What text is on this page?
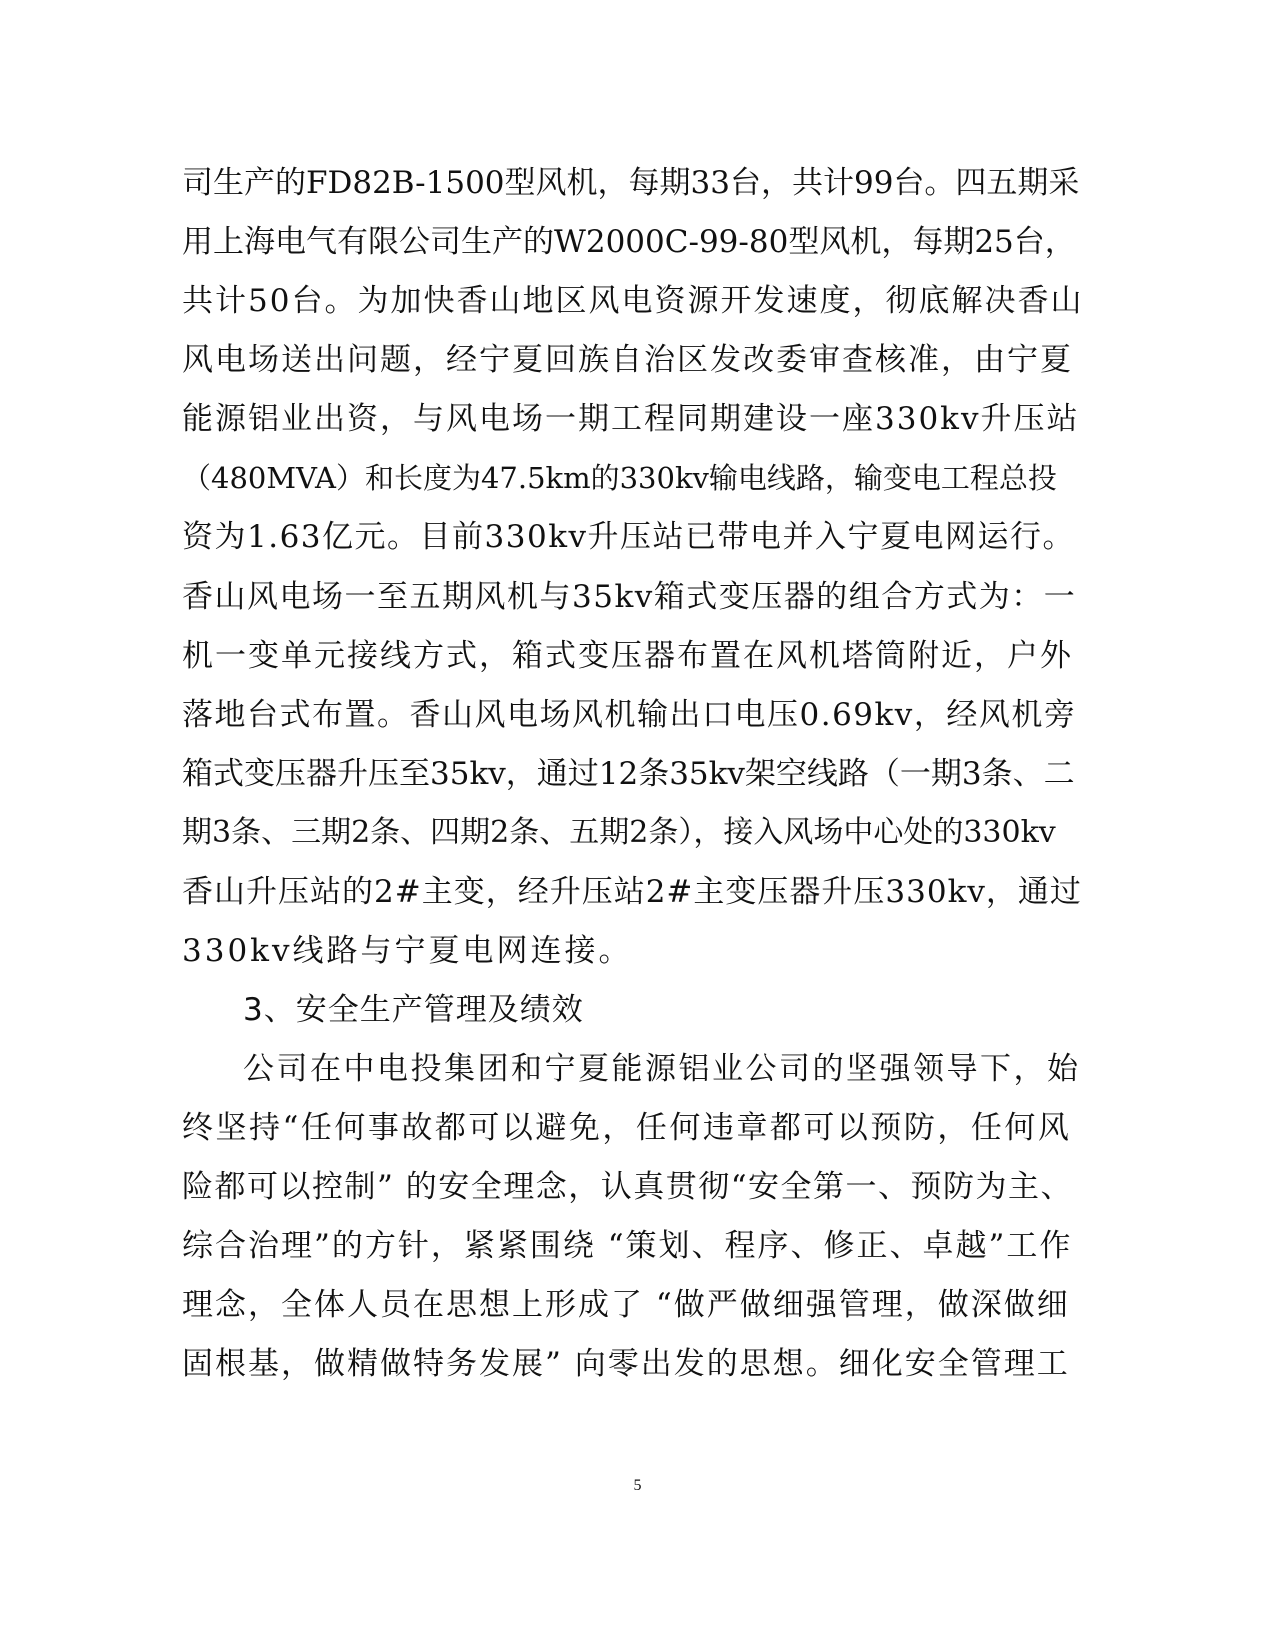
司生产的FD82B-1500型风机，每期33台，共计99台。四五期采
用上海电气有限公司生产的W2000C-99-80型风机，每期25台，
共计50台。为加快香山地区风电资源开发速度，彻底解决香山
风电场送出问题，经宁夏回族自治区发改委审查核准，由宁夏
能源铝业出资，与风电场一期工程同期建设一座330kv升压站
（480MVA）和长度为47.5km的330kv输电线路，输变电工程总投
资为1.63亿元。目前330kv升压站已带电并入宁夏电网运行。
香山风电场一至五期风机与35kv箱式变压器的组合方式为：一
机一变单元接线方式，箱式变压器布置在风机塔筒附近，户外
落地台式布置。香山风电场风机输出口电压0.69kv，经风机旁
箱式变压器升压至35kv，通过12条35kv架空线路（一期3条、二
期3条、三期2条、四期2条、五期2条），接入风场中心处的330kv
香山升压站的2#主变，经升压站2#主变压器升压330kv，通过
330kv线路与宁夏电网连接。
3、安全生产管理及绩效
公司在中电投集团和宁夏能源铝业公司的坚强领导下，始
终坚持“任何事故都可以避免，任何违章都可以预防，任何风
险都可以控制” 的安全理念，认真贯彻“安全第一、预防为主、
综合治理”的方针，紧紧围绕 “策划、程序、修正、卓越”工作
理念，全体人员在思想上形成了 “做严做细强管理，做深做细
固根基，做精做特务发展” 向零出发的思想。细化安全管理工
5
